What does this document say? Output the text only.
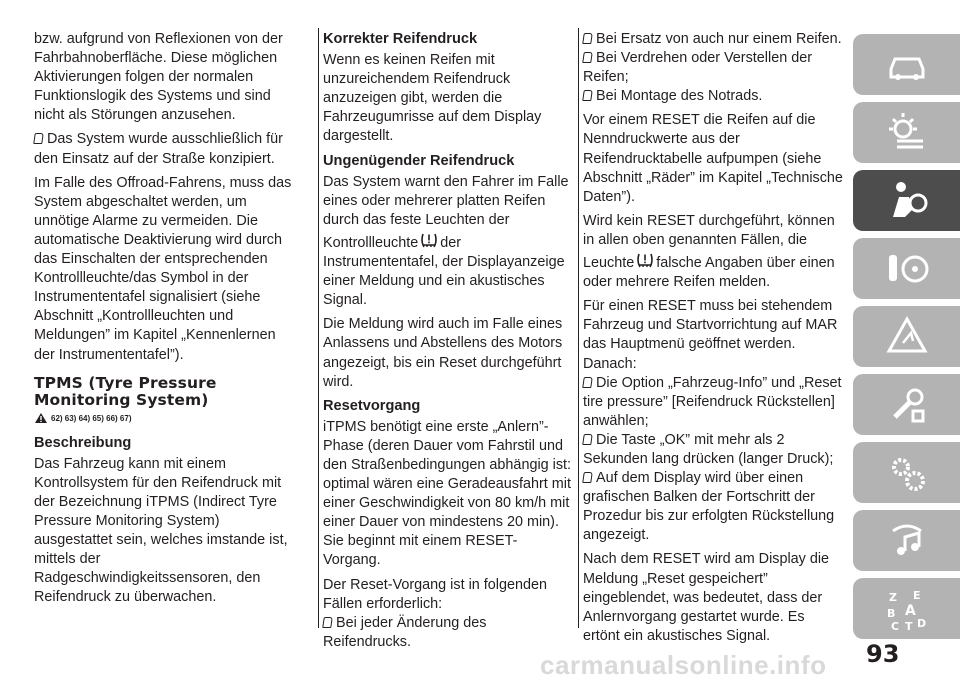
bzw. aufgrund von Reflexionen von der Fahrbahnoberfläche. Diese möglichen Aktivierungen folgen der normalen Funktionslogik des Systems und sind nicht als Störungen anzusehen.

Das System wurde ausschließlich für den Einsatz auf der Straße konzipiert.

Im Falle des Offroad-Fahrens, muss das System abgeschaltet werden, um unnötige Alarme zu vermeiden. Die automatische Deaktivierung wird durch das Einschalten der entsprechenden Kontrollleuchte/das Symbol in der Instrumententafel signalisiert (siehe Abschnitt „Kontrollleuchten und Meldungen” im Kapitel „Kennenlernen der Instrumententafel”).

TPMS (Tyre Pressure Monitoring System)
62) 63) 64) 65) 66) 67)
Beschreibung

Das Fahrzeug kann mit einem Kontrollsystem für den Reifendruck mit der Bezeichnung iTPMS (Indirect Tyre Pressure Monitoring System) ausgestattet sein, welches imstande ist, mittels der Radgeschwindigkeitssensoren, den Reifendruck zu überwachen.

Korrekter Reifendruck

Wenn es keinen Reifen mit unzureichendem Reifendruck anzuzeigen gibt, werden die Fahrzeugumrisse auf dem Display dargestellt.

Ungenügender Reifendruck

Das System warnt den Fahrer im Falle eines oder mehrerer platten Reifen durch das feste Leuchten der Kontrollleuchte der Instrumententafel, der Displayanzeige einer Meldung und ein akustisches Signal.

Die Meldung wird auch im Falle eines Anlassens und Abstellens des Motors angezeigt, bis ein Reset durchgeführt wird.

Resetvorgang

iTPMS benötigt eine erste „Anlern”-Phase (deren Dauer vom Fahrstil und den Straßenbedingungen abhängig ist: optimal wären eine Geradeausfahrt mit einer Geschwindigkeit von 80 km/h mit einer Dauer von mindestens 20 min). Sie beginnt mit einem RESET-Vorgang.

Der Reset-Vorgang ist in folgenden Fällen erforderlich:

Bei jeder Änderung des Reifendrucks.

Bei Ersatz von auch nur einem Reifen.

Bei Verdrehen oder Verstellen der Reifen;

Bei Montage des Notrads.

Vor einem RESET die Reifen auf die Nenndruckwerte aus der Reifendrucktabelle aufpumpen (siehe Abschnitt „Räder” im Kapitel „Technische Daten”).

Wird kein RESET durchgeführt, können in allen oben genannten Fällen, die Leuchte falsche Angaben über einen oder mehrere Reifen melden.

Für einen RESET muss bei stehendem Fahrzeug und Startvorrichtung auf MAR das Hauptmenü geöffnet werden. Danach:

Die Option „Fahrzeug-Info” und „Reset tire pressure” [Reifendruck Rückstellen] anwählen;

Die Taste „OK” mit mehr als 2 Sekunden lang drücken (langer Druck);

Auf dem Display wird über einen grafischen Balken der Fortschritt der Prozedur bis zur erfolgten Rückstellung angezeigt.

Nach dem RESET wird am Display die Meldung „Reset gespeichert” eingeblendet, was bedeutet, dass der Anlernvorgang gestartet wurde. Es ertönt ein akustisches Signal.

Z E
B A
C T D
carmanualsonline.info 93
